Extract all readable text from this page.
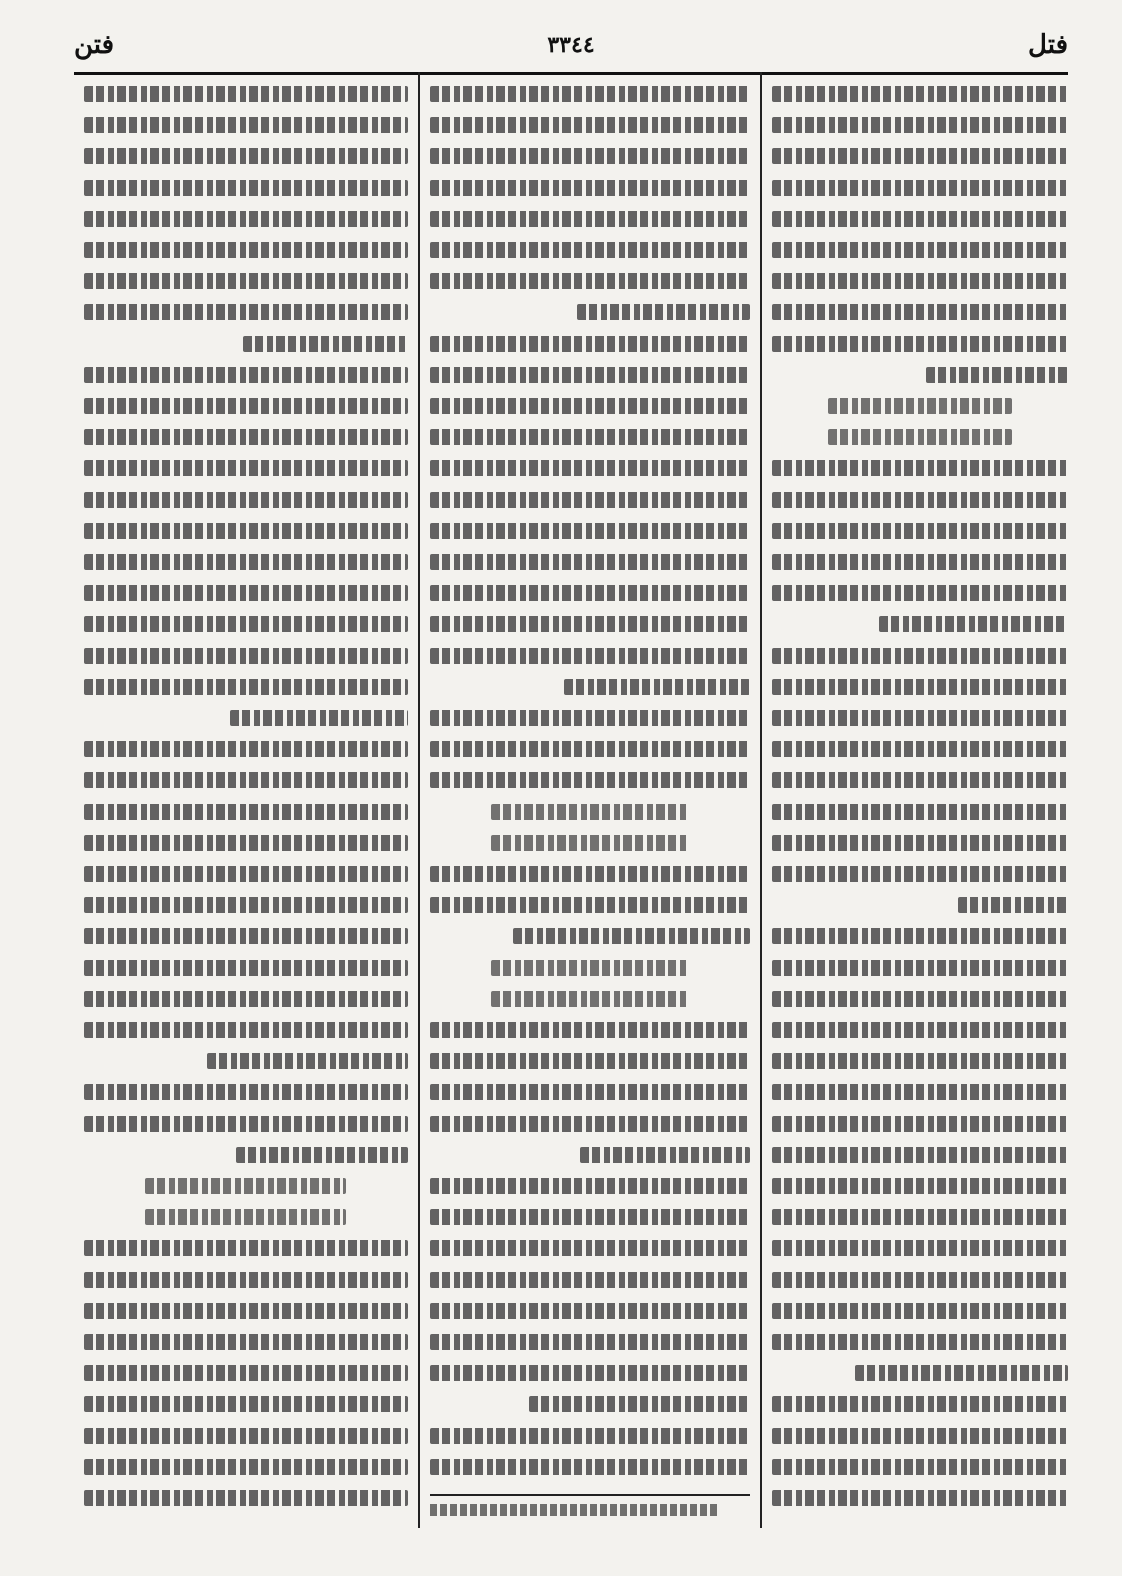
فتل
٣٣٤٤
فتن
